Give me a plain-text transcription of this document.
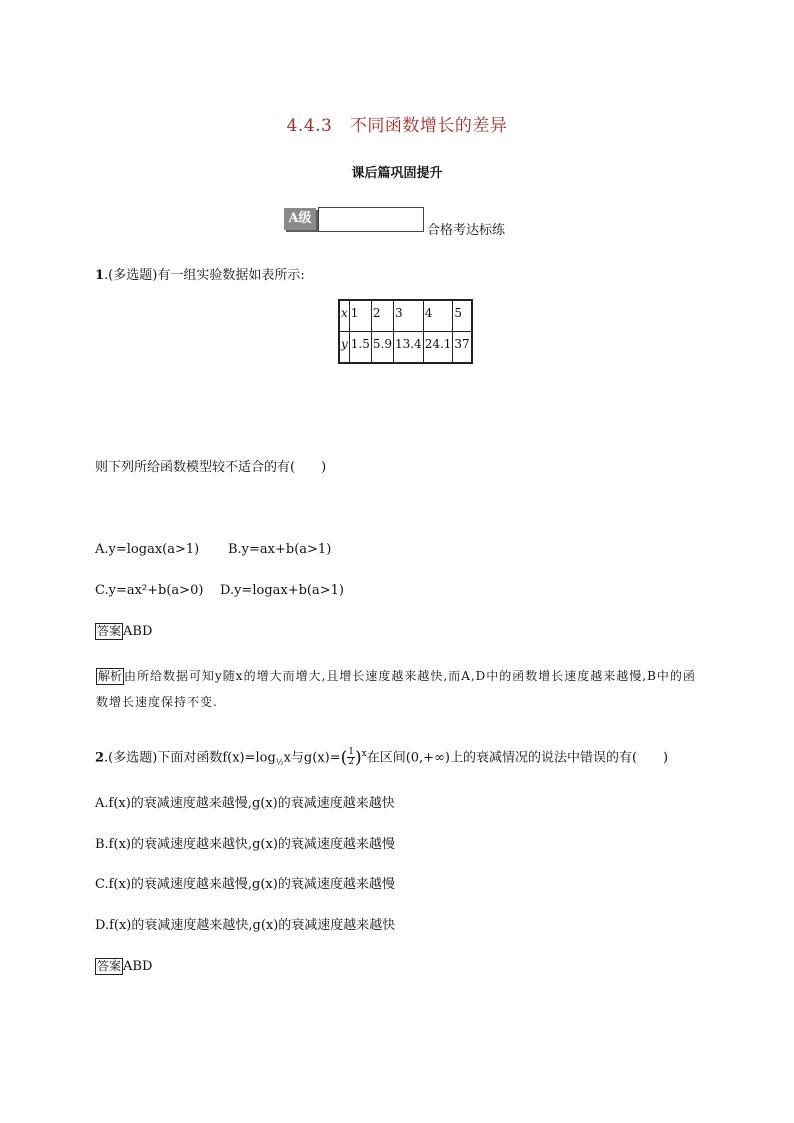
4.4.3　不同函数增长的差异
课后篇巩固提升
A级
合格考达标练
1.(多选题)有一组实验数据如表所示:
x	1	2	3	4	5
y	1.5	5.9	13.4	24.1	37
则下列所给函数模型较不适合的有(　　)
A.y=logax(a>1) B.y=ax+b(a>1)
C.y=ax²+b(a>0) D.y=logax+b(a>1)
答案 ABD
解析 由所给数据可知y随x的增大而增大,且增长速度越来越快,而A,D中的函数增长速度越来越慢,B中的函数增长速度保持不变.
2.(多选题)下面对函数$f(x)=\log_{\frac{1}{2}}x$与$g(x)=( \frac{1}{2} )^x$在区间(0,+∞)上的衰减情况的说法中错误的有(　　)
A.f(x)的衰减速度越来越慢,g(x)的衰减速度越来越快
B.f(x)的衰减速度越来越快,g(x)的衰减速度越来越慢
C.f(x)的衰减速度越来越慢,g(x)的衰减速度越来越慢
D.f(x)的衰减速度越来越快,g(x)的衰减速度越来越快
答案 ABD
